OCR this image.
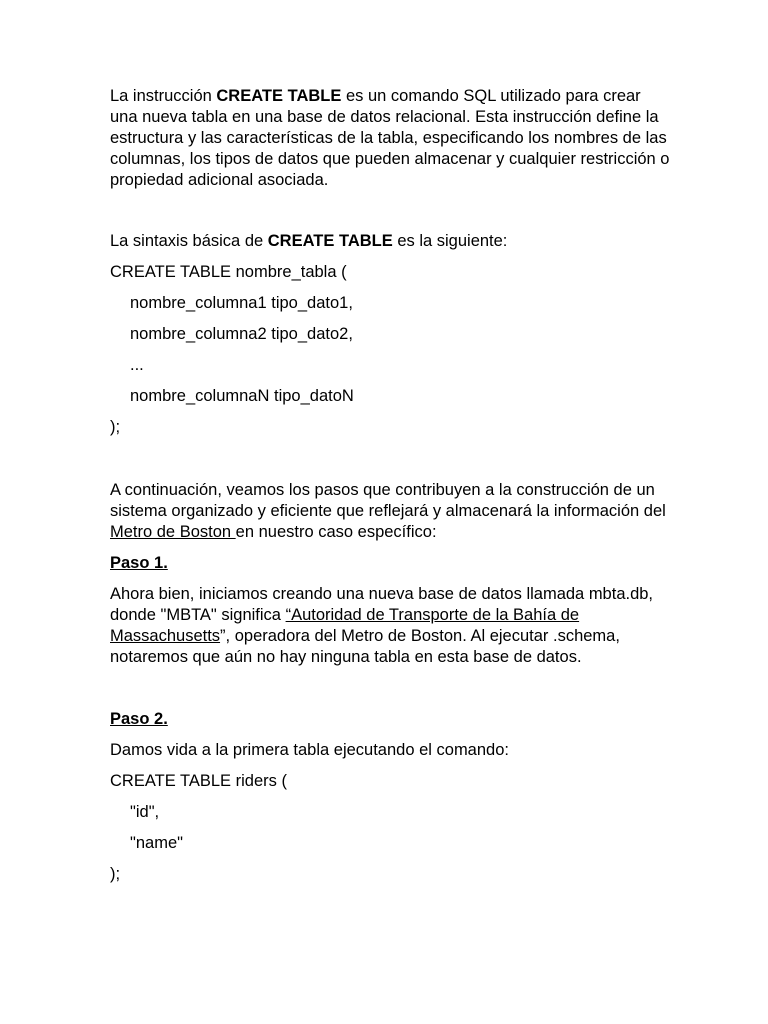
La instrucción CREATE TABLE es un comando SQL utilizado para crear una nueva tabla en una base de datos relacional. Esta instrucción define la estructura y las características de la tabla, especificando los nombres de las columnas, los tipos de datos que pueden almacenar y cualquier restricción o propiedad adicional asociada.

La sintaxis básica de CREATE TABLE es la siguiente:

CREATE TABLE nombre_tabla (

nombre_columna1 tipo_dato1,

nombre_columna2 tipo_dato2,

...

nombre_columnaN tipo_datoN

);

A continuación, veamos los pasos que contribuyen a la construcción de un sistema organizado y eficiente que reflejará y almacenará la información del Metro de Boston en nuestro caso específico:

Paso 1.

Ahora bien, iniciamos creando una nueva base de datos llamada mbta.db, donde "MBTA" significa “Autoridad de Transporte de la Bahía de Massachusetts”, operadora del Metro de Boston. Al ejecutar .schema, notaremos que aún no hay ninguna tabla en esta base de datos.

Paso 2.

Damos vida a la primera tabla ejecutando el comando:

CREATE TABLE riders (

"id",

"name"

);
